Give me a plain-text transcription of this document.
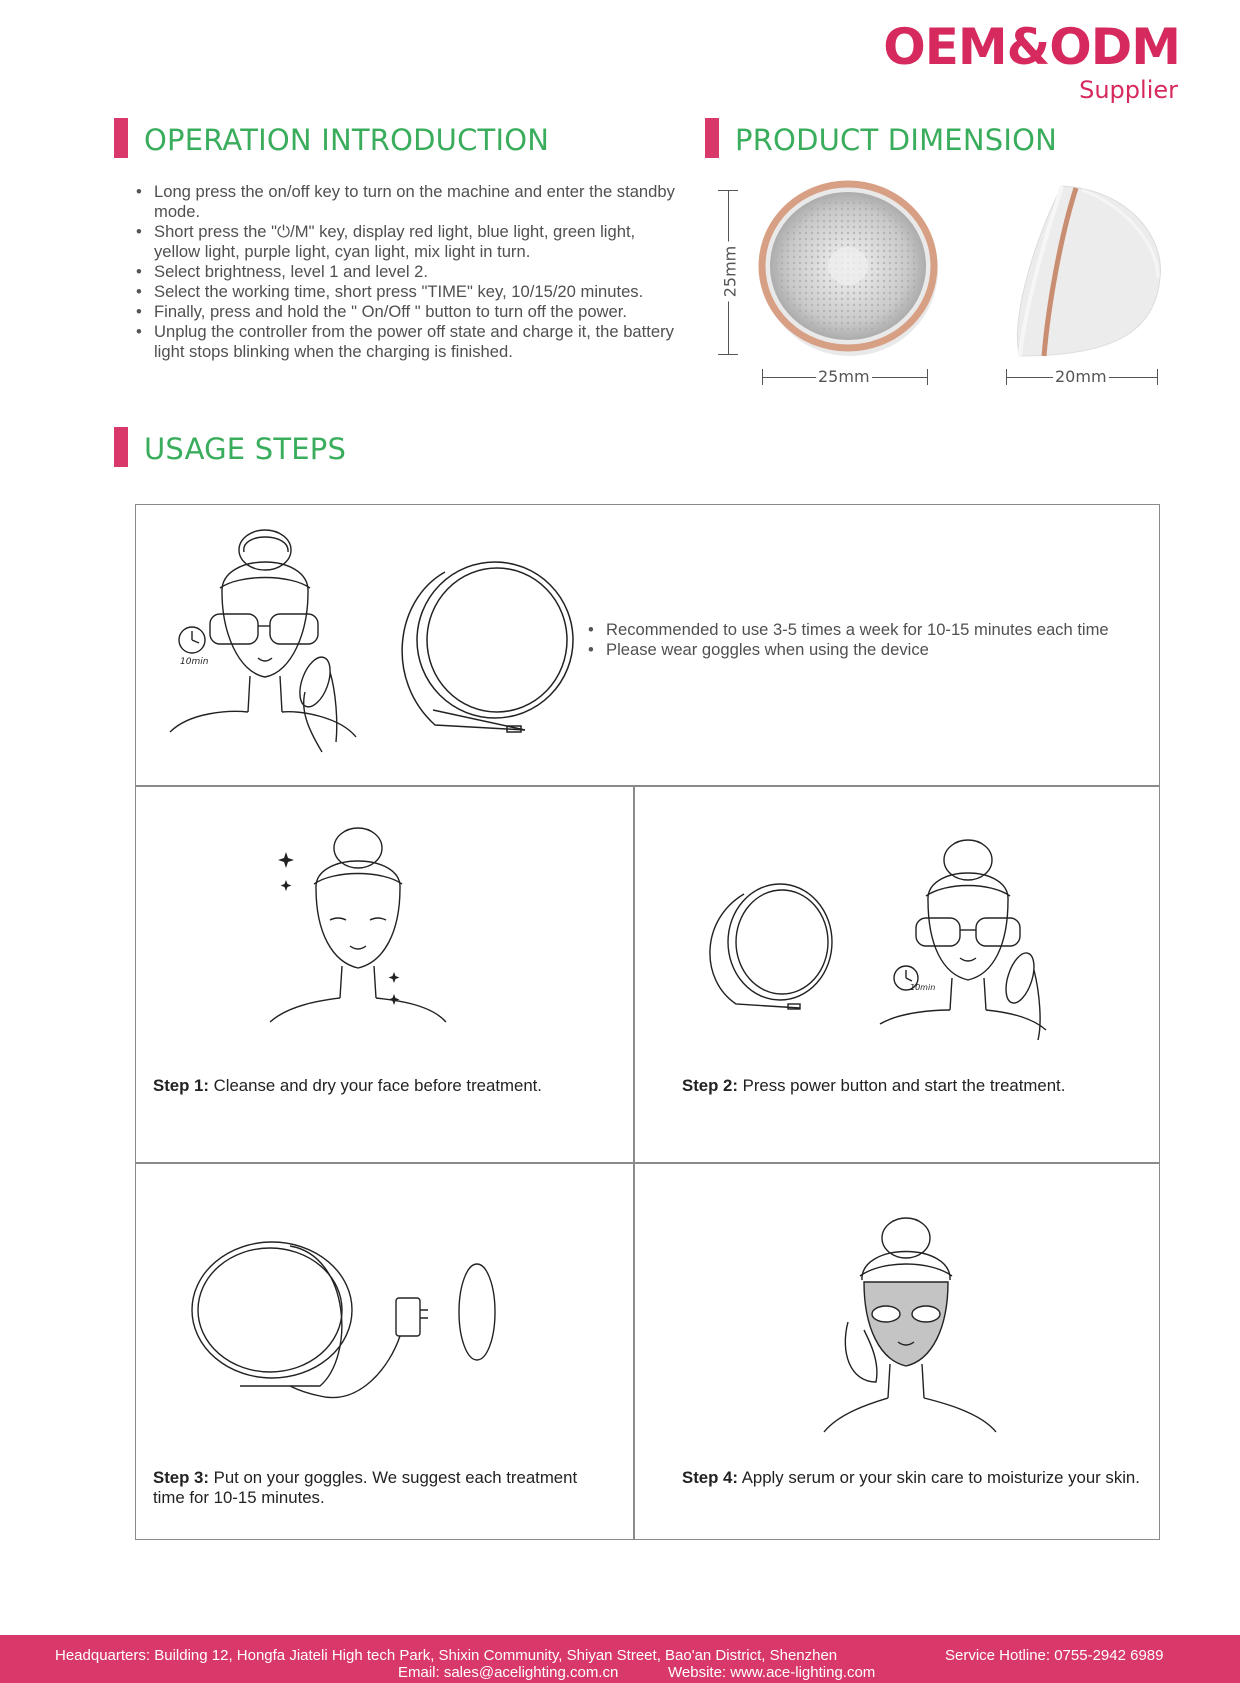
OEM&ODM
Supplier
OPERATION INTRODUCTION
• Long press the on/off key to turn on the machine and enter the standby mode.
• Short press the "⏻/M" key, display red light, blue light, green light, yellow light, purple light, cyan light, mix light in turn.
• Select brightness, level 1 and level 2.
• Select the working time, short press "TIME" key, 10/15/20 minutes.
• Finally, press and hold the " On/Off " button to turn off the power.
• Unplug the controller from the power off state and charge it, the battery light stops blinking when the charging is finished.
PRODUCT DIMENSION
25mm
25mm	20mm
USAGE STEPS
10min
• Recommended to use 3-5 times a week for 10-15 minutes each time
• Please wear goggles when using the device
Step 1: Cleanse and dry your face before treatment.
10min
Step 2: Press power button and start the treatment.
Step 3: Put on your goggles. We suggest each treatment time for 10-15 minutes.
Step 4: Apply serum or your skin care to moisturize your skin.
Headquarters: Building 12, Hongfa Jiateli High tech Park, Shixin Community, Shiyan Street, Bao'an District, Shenzhen	Service Hotline: 0755-2942 6989
Email: sales@acelighting.com.cn	Website: www.ace-lighting.com
